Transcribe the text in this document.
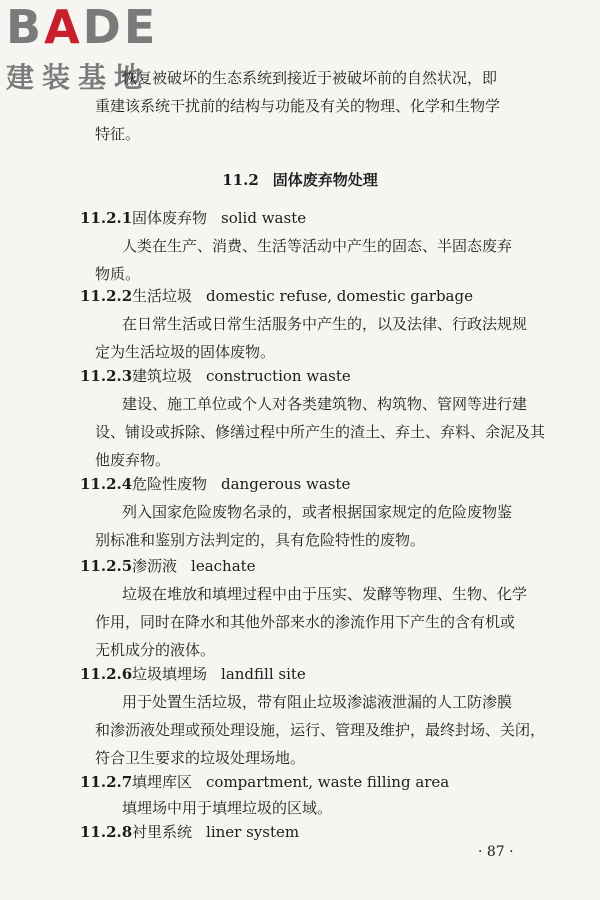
BADE
建装基地
恢复被破坏的生态系统到接近于被破坏前的自然状况，即
重建该系统干扰前的结构与功能及有关的物理、化学和生物学
特征。
11.2 固体废弃物处理
11.2.1固体废弃物 solid waste
人类在生产、消费、生活等活动中产生的固态、半固态废弃
物质。
11.2.2生活垃圾 domestic refuse, domestic garbage
在日常生活或日常生活服务中产生的，以及法律、行政法规规
定为生活垃圾的固体废物。
11.2.3建筑垃圾 construction waste
建设、施工单位或个人对各类建筑物、构筑物、管网等进行建
设、铺设或拆除、修缮过程中所产生的渣土、弃土、弃料、余泥及其
他废弃物。
11.2.4危险性废物 dangerous waste
列入国家危险废物名录的，或者根据国家规定的危险废物鉴
别标准和鉴别方法判定的，具有危险特性的废物。
11.2.5渗沥液 leachate
垃圾在堆放和填埋过程中由于压实、发酵等物理、生物、化学
作用，同时在降水和其他外部来水的渗流作用下产生的含有机或
无机成分的液体。
11.2.6垃圾填埋场 landfill site
用于处置生活垃圾，带有阻止垃圾渗滤液泄漏的人工防渗膜
和渗沥液处理或预处理设施，运行、管理及维护，最终封场、关闭，
符合卫生要求的垃圾处理场地。
11.2.7填埋库区 compartment, waste filling area
填埋场中用于填埋垃圾的区域。
11.2.8衬里系统 liner system
· 87 ·
